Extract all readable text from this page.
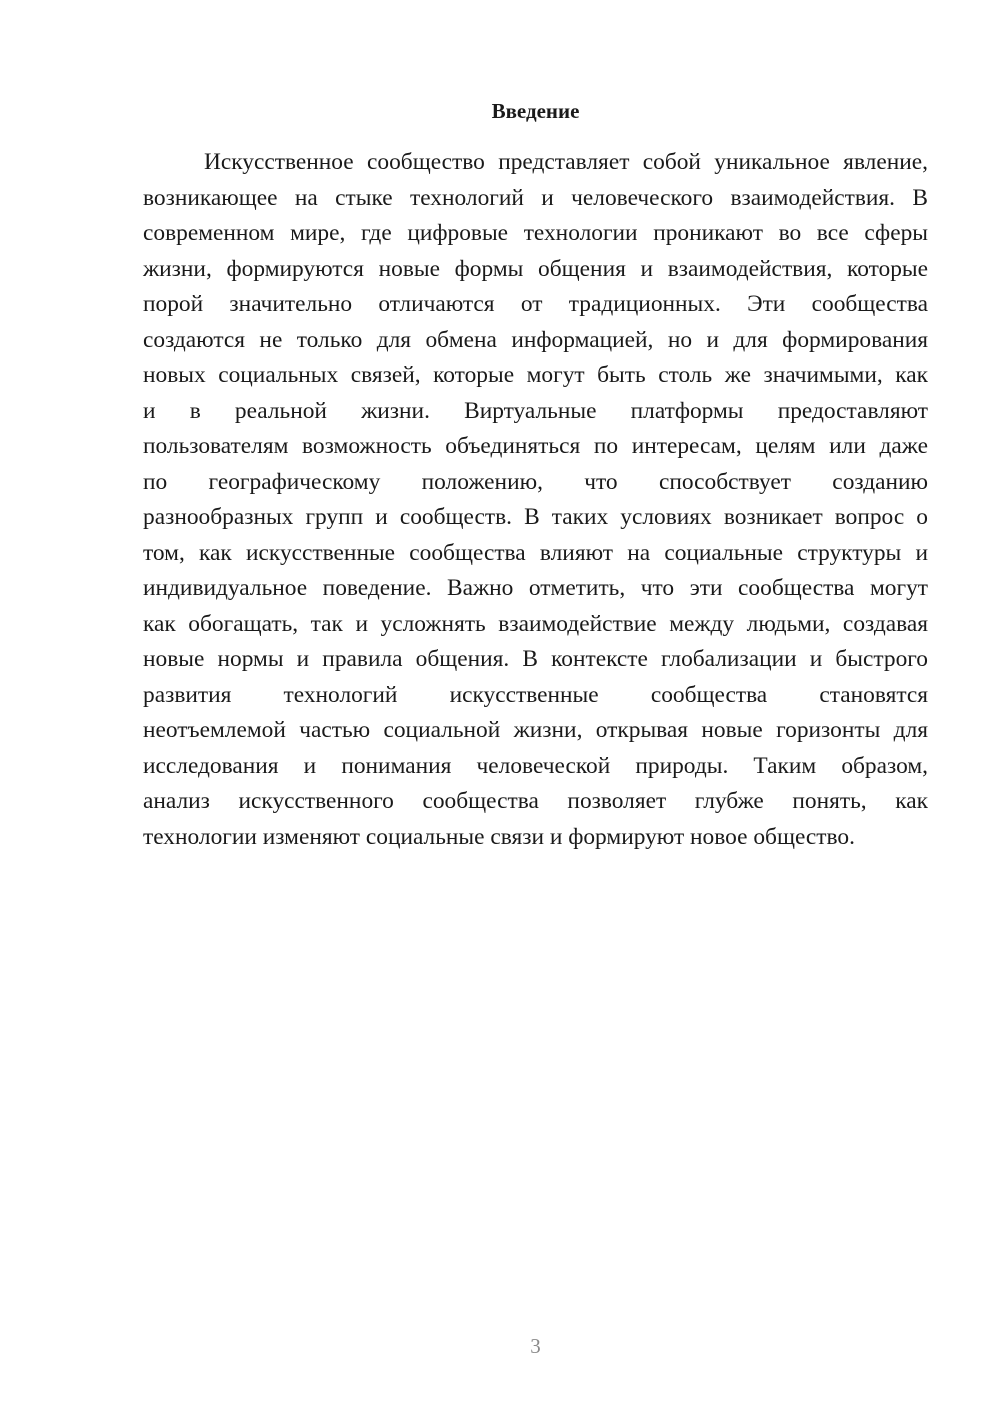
Введение

Искусственное сообщество представляет собой уникальное явление,
возникающее на стыке технологий и человеческого взаимодействия. В
современном мире, где цифровые технологии проникают во все сферы
жизни, формируются новые формы общения и взаимодействия, которые
порой значительно отличаются от традиционных. Эти сообщества
создаются не только для обмена информацией, но и для формирования
новых социальных связей, которые могут быть столь же значимыми, как
и в реальной жизни. Виртуальные платформы предоставляют
пользователям возможность объединяться по интересам, целям или даже
по географическому положению, что способствует созданию
разнообразных групп и сообществ. В таких условиях возникает вопрос о
том, как искусственные сообщества влияют на социальные структуры и
индивидуальное поведение. Важно отметить, что эти сообщества могут
как обогащать, так и усложнять взаимодействие между людьми, создавая
новые нормы и правила общения. В контексте глобализации и быстрого
развития технологий искусственные сообщества становятся
неотъемлемой частью социальной жизни, открывая новые горизонты для
исследования и понимания человеческой природы. Таким образом,
анализ искусственного сообщества позволяет глубже понять, как
технологии изменяют социальные связи и формируют новое общество.

3
